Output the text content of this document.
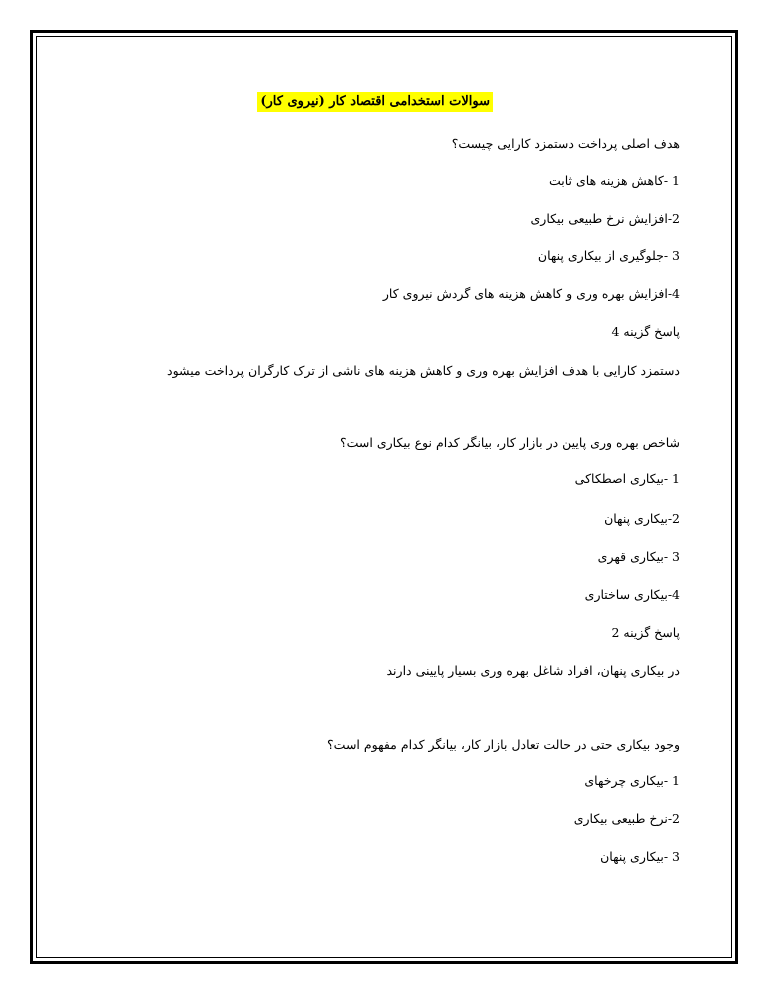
سوالات استخدامی اقتصاد کار (نیروی کار)
هدف اصلی پرداخت دستمزد کارایی چیست؟
1 -کاهش هزینه های ثابت
2-افزایش نرخ طبیعی بیکاری
3 -جلوگیری از بیکاری پنهان
4-افزایش بهره وری و کاهش هزینه های گردش نیروی کار
پاسخ گزینه 4
دستمزد کارایی با هدف افزایش بهره وری و کاهش هزینه های ناشی از ترک کارگران پرداخت میشود
شاخص بهره وری پایین در بازار کار، بیانگر کدام نوع بیکاری است؟
1 -بیکاری اصطکاکی
2-بیکاری پنهان
3 -بیکاری قهری
4-بیکاری ساختاری
پاسخ گزینه 2
در بیکاری پنهان، افراد شاغل بهره وری بسیار پایینی دارند
وجود بیکاری حتی در حالت تعادل بازار کار، بیانگر کدام مفهوم است؟
1 -بیکاری چرخهای
2-نرخ طبیعی بیکاری
3 -بیکاری پنهان
